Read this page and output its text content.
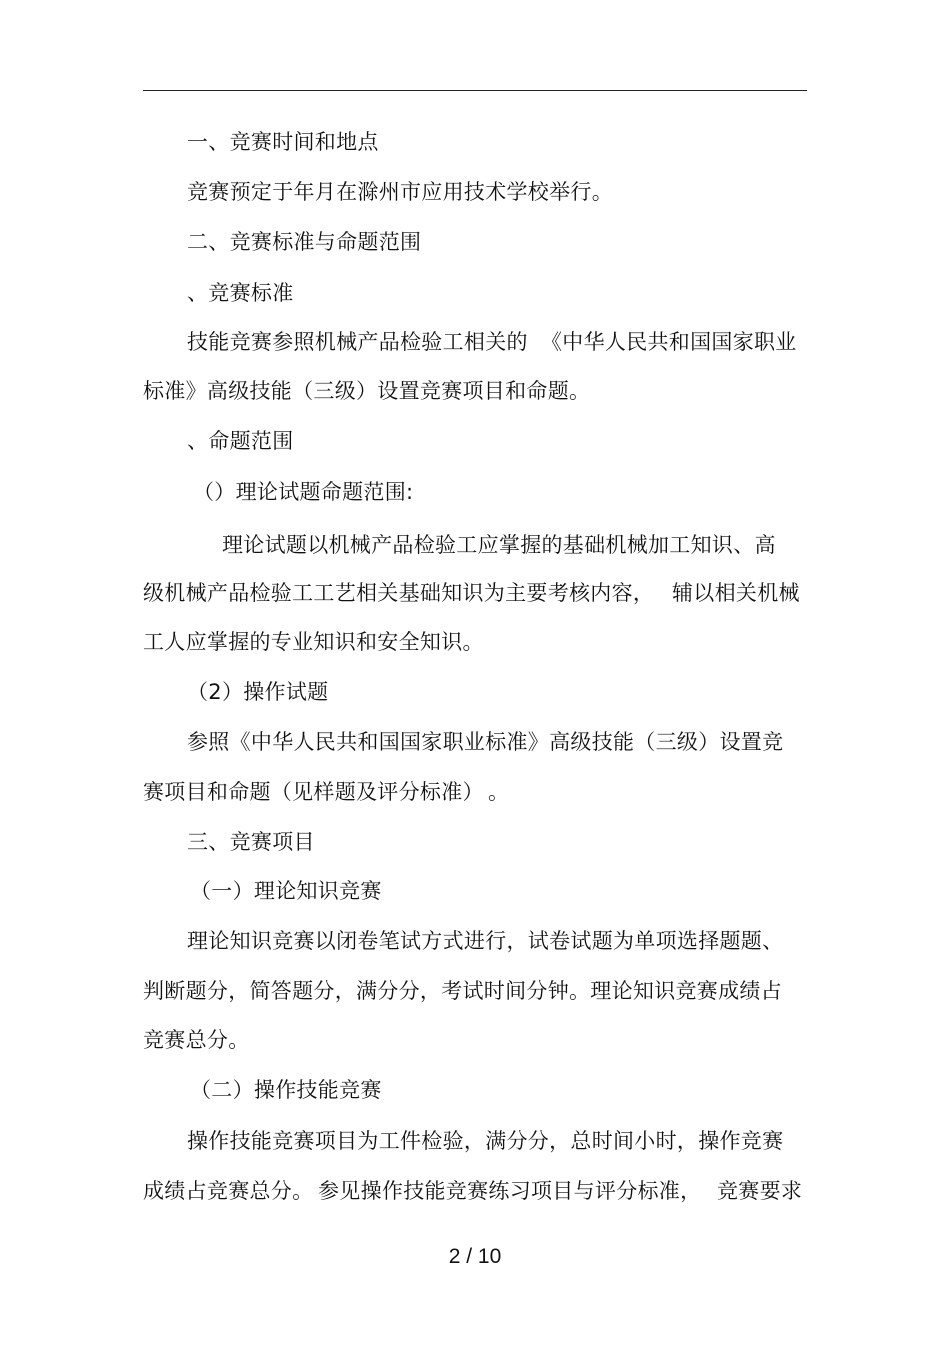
一、竞赛时间和地点
竞赛预定于年月在滁州市应用技术学校举行。
二、竞赛标准与命题范围
、竞赛标准
技能竞赛参照机械产品检验工相关的 《中华人民共和国国家职业
标准》高级技能（三级）设置竞赛项目和命题。
、命题范围
（）理论试题命题范围:
理论试题以机械产品检验工应掌握的基础机械加工知识、高
级机械产品检验工工艺相关基础知识为主要考核内容， 辅以相关机械
工人应掌握的专业知识和安全知识。
（2）操作试题
参照《中华人民共和国国家职业标准》高级技能（三级）设置竞
赛项目和命题（见样题及评分标准） 。
三、竞赛项目
（一）理论知识竞赛
理论知识竞赛以闭卷笔试方式进行，试卷试题为单项选择题题、
判断题分，简答题分，满分分，考试时间分钟。理论知识竞赛成绩占
竞赛总分。
（二）操作技能竞赛
操作技能竞赛项目为工件检验，满分分，总时间小时，操作竞赛
成绩占竞赛总分。 参见操作技能竞赛练习项目与评分标准， 竞赛要求
2 / 10
